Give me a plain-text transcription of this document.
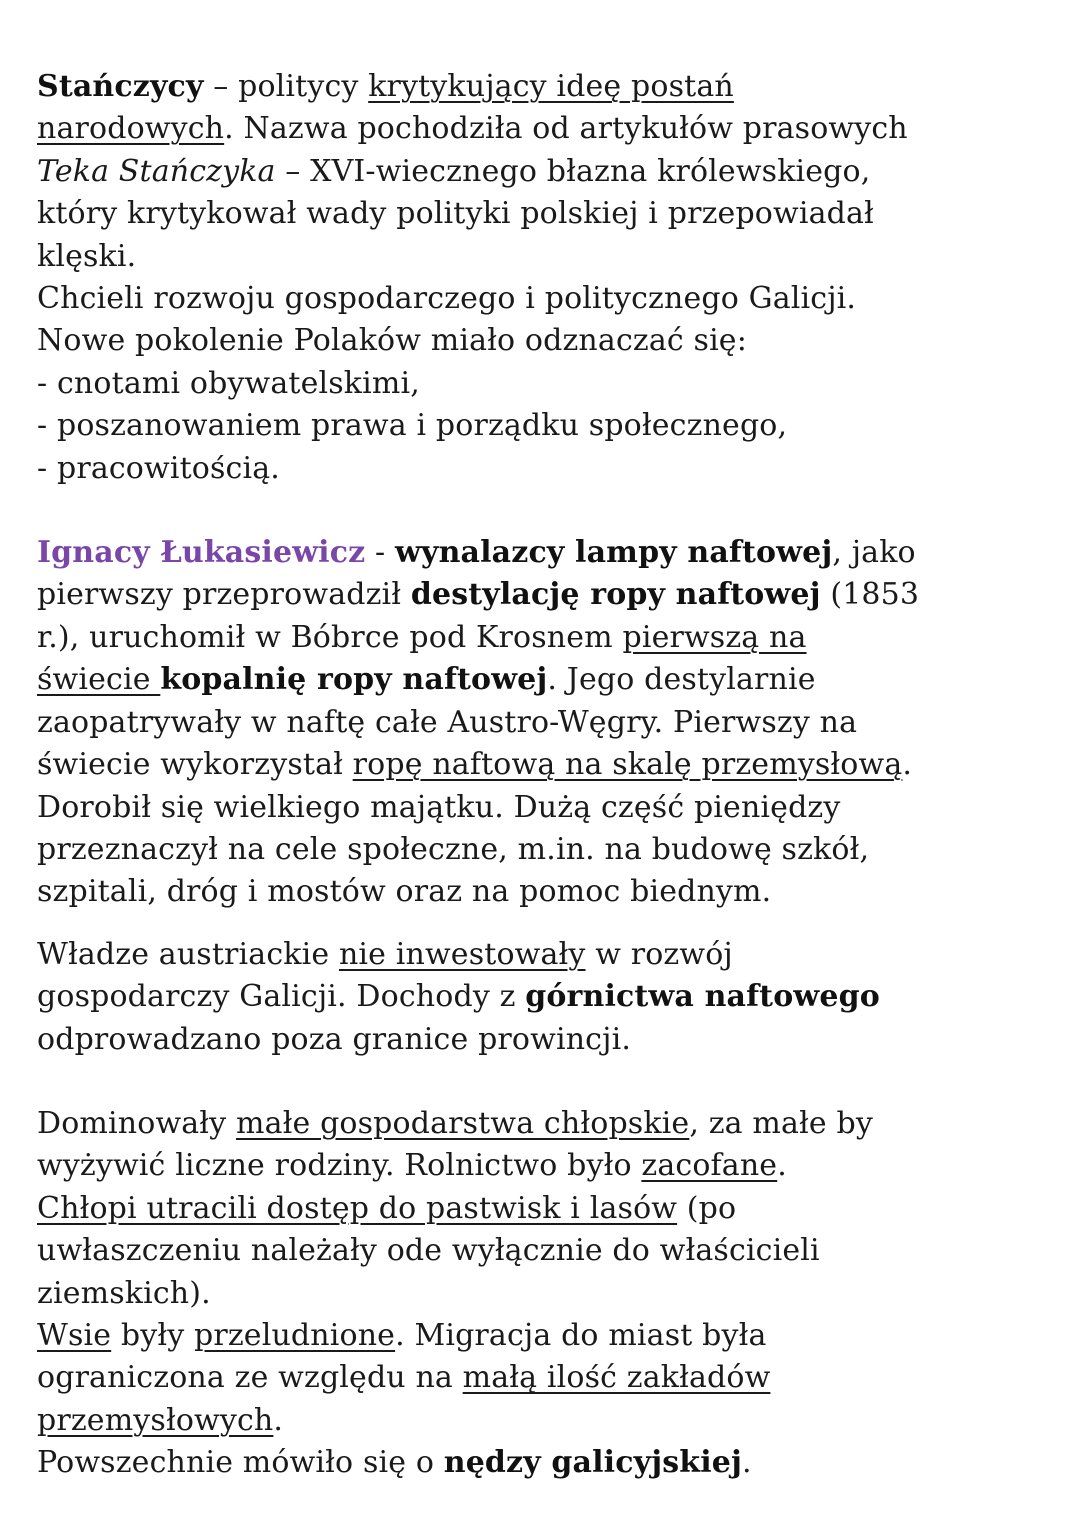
Stańczycy – politycy krytykujący ideę postań
narodowych. Nazwa pochodziła od artykułów prasowych
Teka Stańczyka – XVI-wiecznego błazna królewskiego,
który krytykował wady polityki polskiej i przepowiadał
klęski.
Chcieli rozwoju gospodarczego i politycznego Galicji.
Nowe pokolenie Polaków miało odznaczać się:
- cnotami obywatelskimi,
- poszanowaniem prawa i porządku społecznego,
- pracowitością.
Ignacy Łukasiewicz - wynalazcy lampy naftowej, jako
pierwszy przeprowadził destylację ropy naftowej (1853
r.), uruchomił w Bóbrce pod Krosnem pierwszą na
świecie kopalnię ropy naftowej. Jego destylarnie
zaopatrywały w naftę całe Austro-Węgry. Pierwszy na
świecie wykorzystał ropę naftową na skalę przemysłową.
Dorobił się wielkiego majątku. Dużą część pieniędzy
przeznaczył na cele społeczne, m.in. na budowę szkół,
szpitali, dróg i mostów oraz na pomoc biednym.
Władze austriackie nie inwestowały w rozwój
gospodarczy Galicji. Dochody z górnictwa naftowego
odprowadzano poza granice prowincji.
Dominowały małe gospodarstwa chłopskie, za małe by
wyżywić liczne rodziny. Rolnictwo było zacofane.
Chłopi utracili dostęp do pastwisk i lasów (po
uwłaszczeniu należały ode wyłącznie do właścicieli
ziemskich).
Wsie były przeludnione. Migracja do miast była
ograniczona ze względu na małą ilość zakładów
przemysłowych.
Powszechnie mówiło się o nędzy galicyjskiej.
